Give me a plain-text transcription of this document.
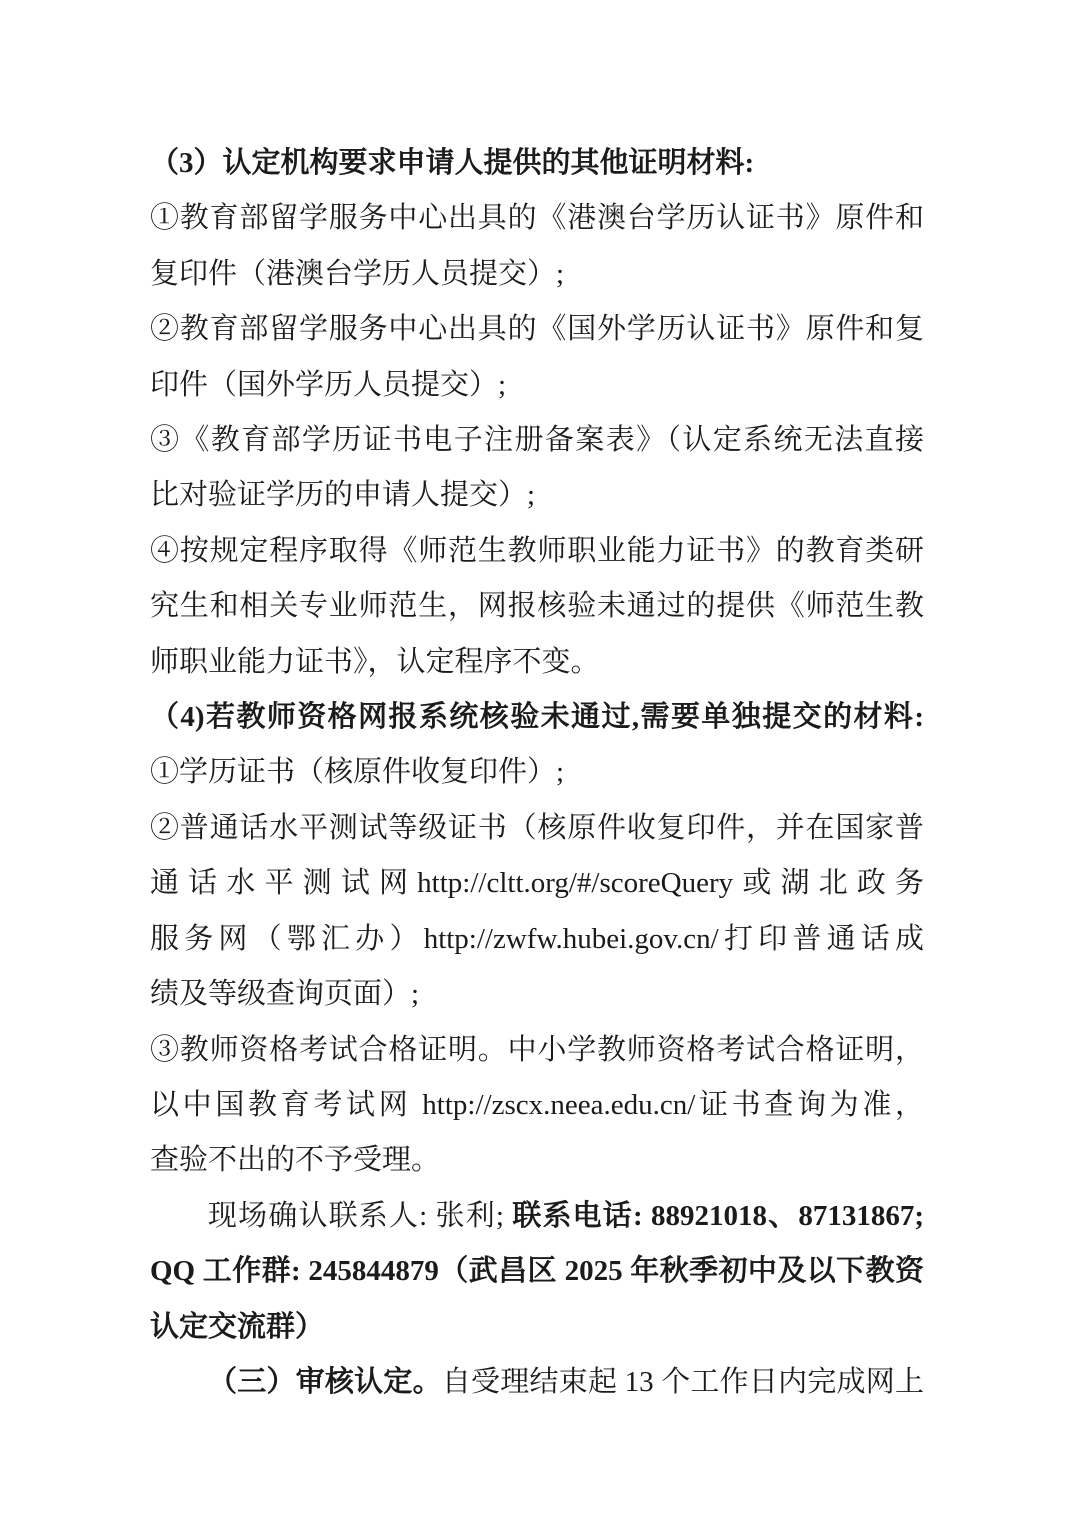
（3）认定机构要求申请人提供的其他证明材料:
①教育部留学服务中心出具的《港澳台学历认证书》原件和
复印件（港澳台学历人员提交）;
②教育部留学服务中心出具的《国外学历认证书》原件和复
印件（国外学历人员提交）;
③《教育部学历证书电子注册备案表》（认定系统无法直接
比对验证学历的申请人提交）;
④按规定程序取得《师范生教师职业能力证书》的教育类研
究生和相关专业师范生，网报核验未通过的提供《师范生教
师职业能力证书》，认定程序不变。
（4)若教师资格网报系统核验未通过,需要单独提交的材料:
①学历证书（核原件收复印件）;
②普通话水平测试等级证书（核原件收复印件，并在国家普
通话水平测试网http://cltt.org/#/scoreQuery或湖北政务
服务网（鄂汇办）http://zwfw.hubei.gov.cn/打印普通话成
绩及等级查询页面）;
③教师资格考试合格证明。中小学教师资格考试合格证明，
以中国教育考试网 http://zscx.neea.edu.cn/证书查询为准，
查验不出的不予受理。
现场确认联系人: 张利; 联系电话: 88921018、87131867;
QQ 工作群: 245844879（武昌区 2025 年秋季初中及以下教资
认定交流群）
（三）审核认定。自受理结束起 13 个工作日内完成网上
